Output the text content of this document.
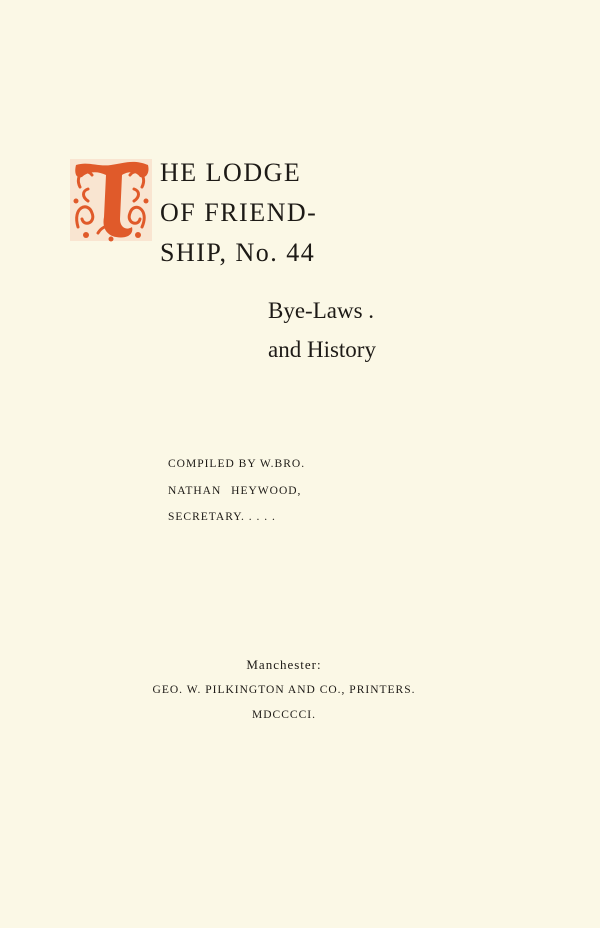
HE LODGE
OF FRIEND-
SHIP, No. 44
Bye-Laws .
and History
COMPILED BY W.BRO.
NATHAN HEYWOOD,
SECRETARY. . . . .
Manchester:
GEO. W. PILKINGTON AND CO., PRINTERS.
MDCCCCI.
